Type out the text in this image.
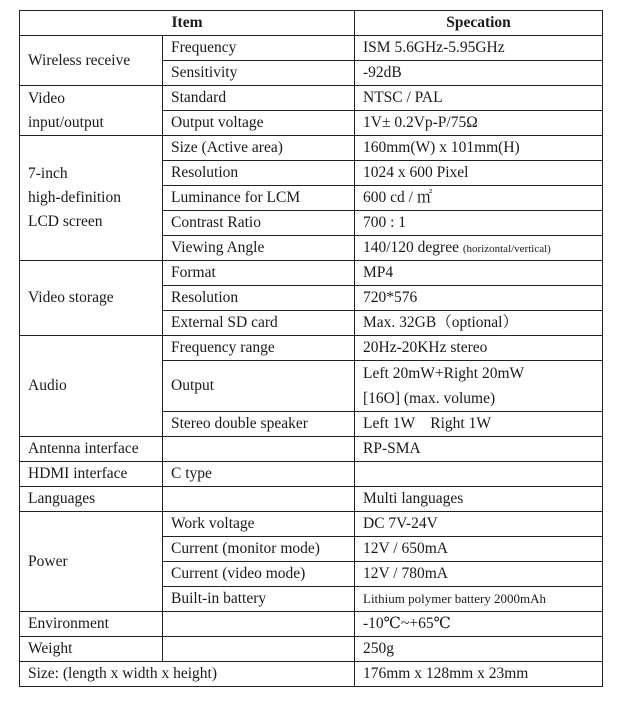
Item		Specation
Wireless receive	Frequency	ISM 5.6GHz-5.95GHz
	Sensitivity	-92dB
Video
input/output	Standard	NTSC / PAL
	Output voltage	1V± 0.2Vp-P/75Ω
7-inch
high-definition
LCD screen	Size (Active area)	160mm(W) x 101mm(H)
	Resolution	1024 x 600 Pixel
	Luminance for LCM	600 cd / ㎡
	Contrast Ratio	700 : 1
	Viewing Angle	140/120 degree (horizontal/vertical)
Video storage	Format	MP4
	Resolution	720*576
	External SD card	Max. 32GB（optional）
Audio	Frequency range	20Hz-20KHz stereo
	Output	Left 20mW+Right 20mW
[16O] (max. volume)
	Stereo double speaker	Left 1W    Right 1W
Antenna interface		RP-SMA
HDMI interface	C type	
Languages		Multi languages
Power	Work voltage	DC 7V-24V
	Current (monitor mode)	12V / 650mA
	Current (video mode)	12V / 780mA
	Built-in battery	Lithium polymer battery 2000mAh
Environment		-10℃~+65℃
Weight		250g
Size: (length x width x height)		176mm x 128mm x 23mm
